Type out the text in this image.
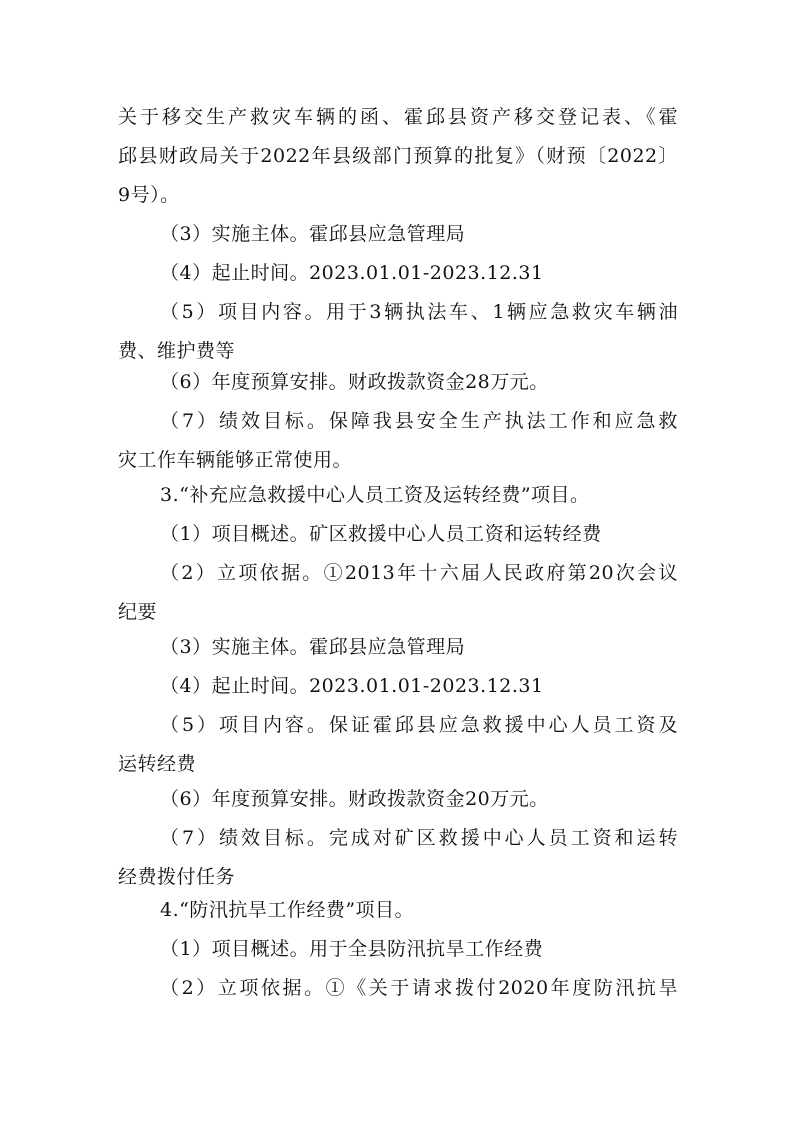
关于移交生产救灾车辆的函、霍邱县资产移交登记表、《霍
邱县财政局关于2022年县级部门预算的批复》（财预〔2022〕
9号）。
（3）实施主体。霍邱县应急管理局
（4）起止时间。2023.01.01-2023.12.31
（5）项目内容。用于3辆执法车、1辆应急救灾车辆油
费、维护费等
（6）年度预算安排。财政拨款资金28万元。
（7）绩效目标。保障我县安全生产执法工作和应急救
灾工作车辆能够正常使用。
3.“补充应急救援中心人员工资及运转经费”项目。
（1）项目概述。矿区救援中心人员工资和运转经费
（2）立项依据。①2013年十六届人民政府第20次会议
纪要
（3）实施主体。霍邱县应急管理局
（4）起止时间。2023.01.01-2023.12.31
（5）项目内容。保证霍邱县应急救援中心人员工资及
运转经费
（6）年度预算安排。财政拨款资金20万元。
（7）绩效目标。完成对矿区救援中心人员工资和运转
经费拨付任务
4.“防汛抗旱工作经费”项目。
（1）项目概述。用于全县防汛抗旱工作经费
（2）立项依据。①《关于请求拨付2020年度防汛抗旱
